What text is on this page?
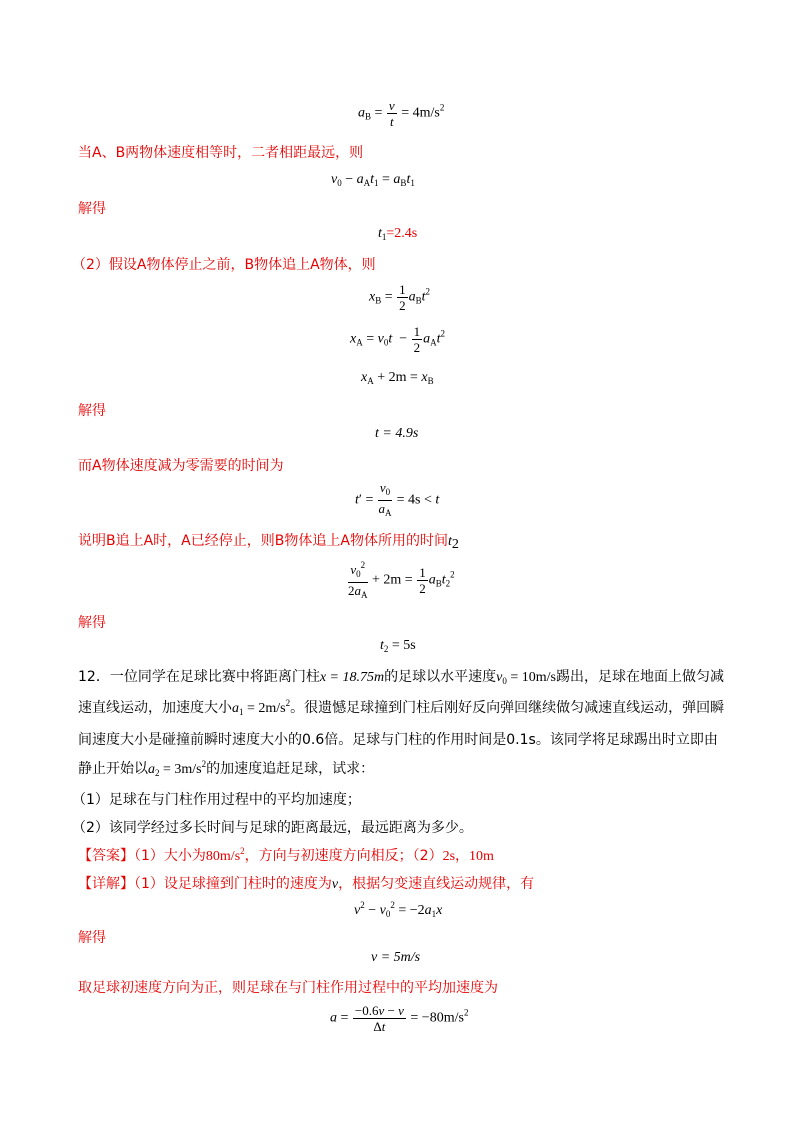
$a_B = \frac{v}{t} = 4m/s^2$
当A、B两物体速度相等时，二者相距最远，则
$v_0 - a_At_1 = a_Bt_1$
解得
$t_1=2.4s$
（2）假设A物体停止之前，B物体追上A物体，则
$x_B = \frac{1}{2} a_Bt^2$
$x_A = v_0t - \frac{1}{2} a_At^2$
$x_A + 2m = x_B$
解得
t = 4.9s
而A物体速度减为零需要的时间为
$t' = \frac{v_0}{a_A} = 4s < t$
说明B追上A时，A已经停止，则B物体追上A物体所用的时间t2
$\frac{v_0^2}{2a_A} + 2m = \frac{1}{2} a_Bt_2^2$
解得
$t_2 = 5s$
12．一位同学在足球比赛中将距离门柱x = 18.75m的足球以水平速度$v_0 = 10m/s$踢出，足球在地面上做匀减
速直线运动，加速度大小$a_1 = 2m/s^2$。很遗憾足球撞到门柱后刚好反向弹回继续做匀减速直线运动，弹回瞬
间速度大小是碰撞前瞬时速度大小的0.6倍。足球与门柱的作用时间是0.1s。该同学将足球踢出时立即由
静止开始以$a_2 = 3m/s^2$的加速度追赶足球，试求：
（1）足球在与门柱作用过程中的平均加速度；
（2）该同学经过多长时间与足球的距离最远，最远距离为多少。
【答案】（1）大小为$80m/s^2$，方向与初速度方向相反；（2）2s，10m
【详解】（1）设足球撞到门柱时的速度为v，根据匀变速直线运动规律，有
$v^2 - v_0^2 = -2a_1x$
解得
v = 5m/s
取足球初速度方向为正，则足球在与门柱作用过程中的平均加速度为
$a = \frac{-0.6v - v}{\Delta t} = -80m/s^2$
